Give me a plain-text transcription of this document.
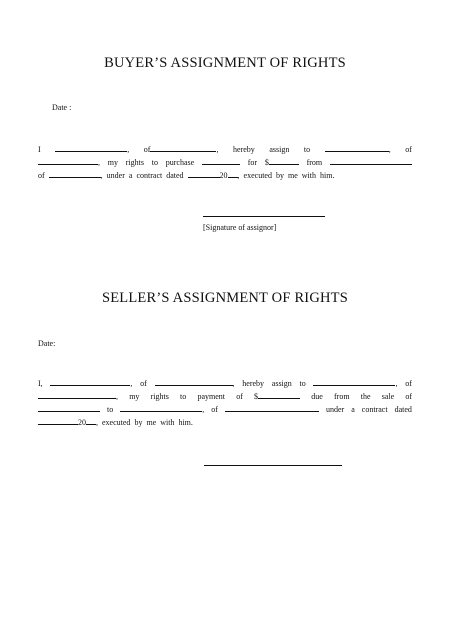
BUYER’S ASSIGNMENT OF RIGHTS
Date :
I	, of	, hereby assign to	, of
, my rights to purchase	for $	from
of	, under a contract dated	20 , executed by me with him.
[Signature of assignor]
SELLER’S ASSIGNMENT OF RIGHTS
Date:
I,	, of	, hereby assign to	, of
, my rights to payment of $	due from the sale of
to	, of	under a contract dated
20 , executed by me with him.
